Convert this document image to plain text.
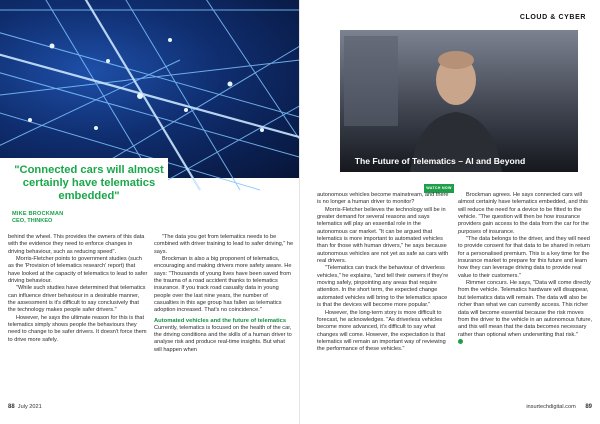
"Connected cars will almost certainly have telematics embedded"
MIKE BROCKMAN
CEO, THINKEO

behind the wheel. This provides the owners of this data with the evidence they need to enforce changes in driving behaviour, such as reducing speed".

Morris-Fletcher points to government studies (such as the 'Provision of telematics research' report) that have looked at the capacity of telematics to lead to safer driving behaviour.

"While such studies have determined that telematics can influence driver behaviour in a desirable manner, the assessment is it's difficult to say conclusively that the technology makes people safer drivers."

However, he says the ultimate reason for this is that telematics simply shows people the behaviours they need to change to be safer drivers. It doesn't force them to drive more safely.

"The data you get from telematics needs to be combined with driver training to lead to safer driving," he says.

Brockman is also a big proponent of telematics, encouraging and making drivers more safety aware. He says: "Thousands of young lives have been saved from the trauma of a road accident thanks to telematics insurance. If you track road casualty data in young people over the last nine years, the number of casualties in this age group has fallen as telematics adoption increased. That's no coincidence."

Automated vehicles and the future of telematics

Currently, telematics is focused on the health of the car, the driving conditions and the skills of a human driver to analyse risk and produce real-time insights. But what will happen when

88 July 2021
CLOUD & CYBER
The Future of Telematics – AI and Beyond
WATCH NOW

autonomous vehicles become mainstream, and there is no longer a human driver to monitor?

Morris-Fletcher believes the technology will be in greater demand for several reasons and says telematics will play an essential role in the autonomous car market. "It can be argued that telematics is more important to automated vehicles than for those with human drivers," he says because autonomous vehicles are not yet as safe as cars with real drivers.

"Telematics can track the behaviour of driverless vehicles," he explains, "and tell their owners if they're moving safely, pinpointing any areas that require attention. In the short term, the expected change automated vehicles will bring to the telematics space is that the devices will become more popular."

However, the long-term story is more difficult to forecast, he acknowledges. "As driverless vehicles become more advanced, it's difficult to say what changes will come. However, the expectation is that telematics will remain an important way of reviewing the performance of these vehicles."

Brockman agrees. He says connected cars will almost certainly have telematics embedded, and this will reduce the need for a device to be fitted to the vehicle. "The question will then be how insurance providers gain access to the data from the car for the purposes of insurance.

"The data belongs to the driver, and they will need to provide consent for that data to be shared in return for a personalised premium. This is a key time for the insurance market to prepare for this future and learn how they can leverage driving data to provide real value to their customers."

Rimmer concurs. He says, "Data will come directly from the vehicle. Telematics hardware will disappear, but telematics data will remain. The data will also be richer than what we can currently access. This richer data will become essential because the risk moves from the driver to the vehicle in an autonomous future, and this will mean that the data becomes necessary rather than optional when underwriting that risk."

insurtechdigital.com 89
